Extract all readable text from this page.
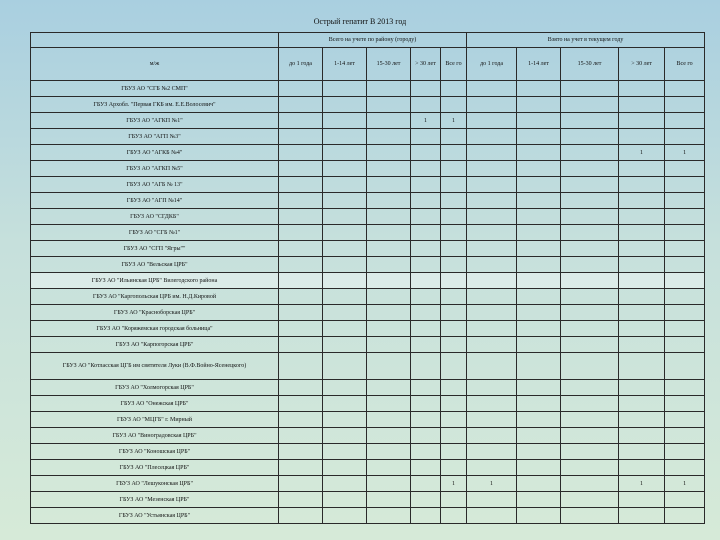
Острый гепатит В 2013 год
	Всего на учете по району (городу)					Взято на учет в текущем году				
м/ж	до 1 года	1-14 лет	15-30 лет	> 30 лет	Все го	до 1 года	1-14 лет	15-30 лет	> 30 лет	Все го
ГБУЗ АО "СГБ №2 СМП"										
ГБУЗ Архобл. "Первая ГКБ им. Е.Е.Волосевич"										
ГБУЗ АО "АГКП №1"				1	1					
ГБУЗ АО "АГП №3"										
ГБУЗ АО "АГКБ №4"									1	1
ГБУЗ АО "АГКП №5"										
ГБУЗ АО "АГБ № 13"										
ГБУЗ АО "АГП №14"										
ГБУЗ АО "СГДКБ"										
ГБУЗ АО "СГБ №1"										
ГБУЗ АО "СГП "Ягры""										
ГБУЗ АО "Вельская ЦРБ"										
ГБУЗ АО "Ильинская ЦРБ" Вилегодского района										
ГБУЗ АО "Каргопольская ЦРБ им. Н.Д.Кировой										
ГБУЗ АО "Красноборская ЦРБ"										
ГБУЗ АО "Коряжемская городская больница"										
ГБУЗ АО "Карпогорская ЦРБ"										
ГБУЗ АО "Котласская ЦГБ им святителя Луки (В.Ф.Войно-Ясенецкого)										
ГБУЗ АО "Холмогорская ЦРБ"										
ГБУЗ АО "Онежская ЦРБ"										
ГБУЗ АО "МЦГБ" г. Мирный										
ГБУЗ АО "Виноградовская ЦРБ"										
ГБУЗ АО "Коношская ЦРБ"										
ГБУЗ АО "Плесецкая ЦРБ"										
ГБУЗ АО "Лешуконская ЦРБ"					1	1			1	1
ГБУЗ АО "Мезенская ЦРБ"										
ГБУЗ АО "Устьянская ЦРБ"										
